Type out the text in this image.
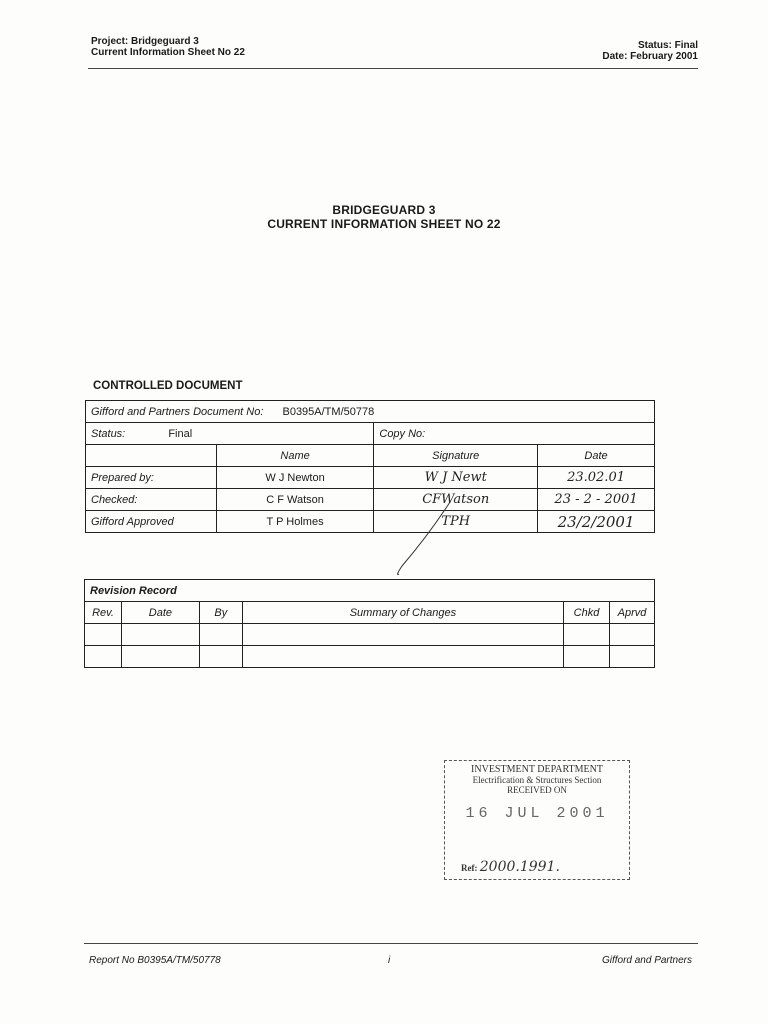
Project: Bridgeguard 3
Current Information Sheet No 22
Status: Final
Date: February 2001
BRIDGEGUARD 3
CURRENT INFORMATION SHEET NO 22
CONTROLLED DOCUMENT
Gifford and Partners Document No: B0395A/TM/50778			
Status: Final		Copy No:	
	Name	Signature	Date
Prepared by:	W J Newton	W J Newt	23.02.01
Checked:	C F Watson	CFWatson	23 - 2 - 2001
Gifford Approved	T P Holmes	TPH	23/2/2001
Revision Record					
Rev.	Date	By	Summary of Changes	Chkd	Aprvd

INVESTMENT DEPARTMENT
Electrification & Structures Section
RECEIVED ON
16 JUL 2001
Ref: 2000.1991.
Report No B0395A/TM/50778	i	Gifford and Partners
